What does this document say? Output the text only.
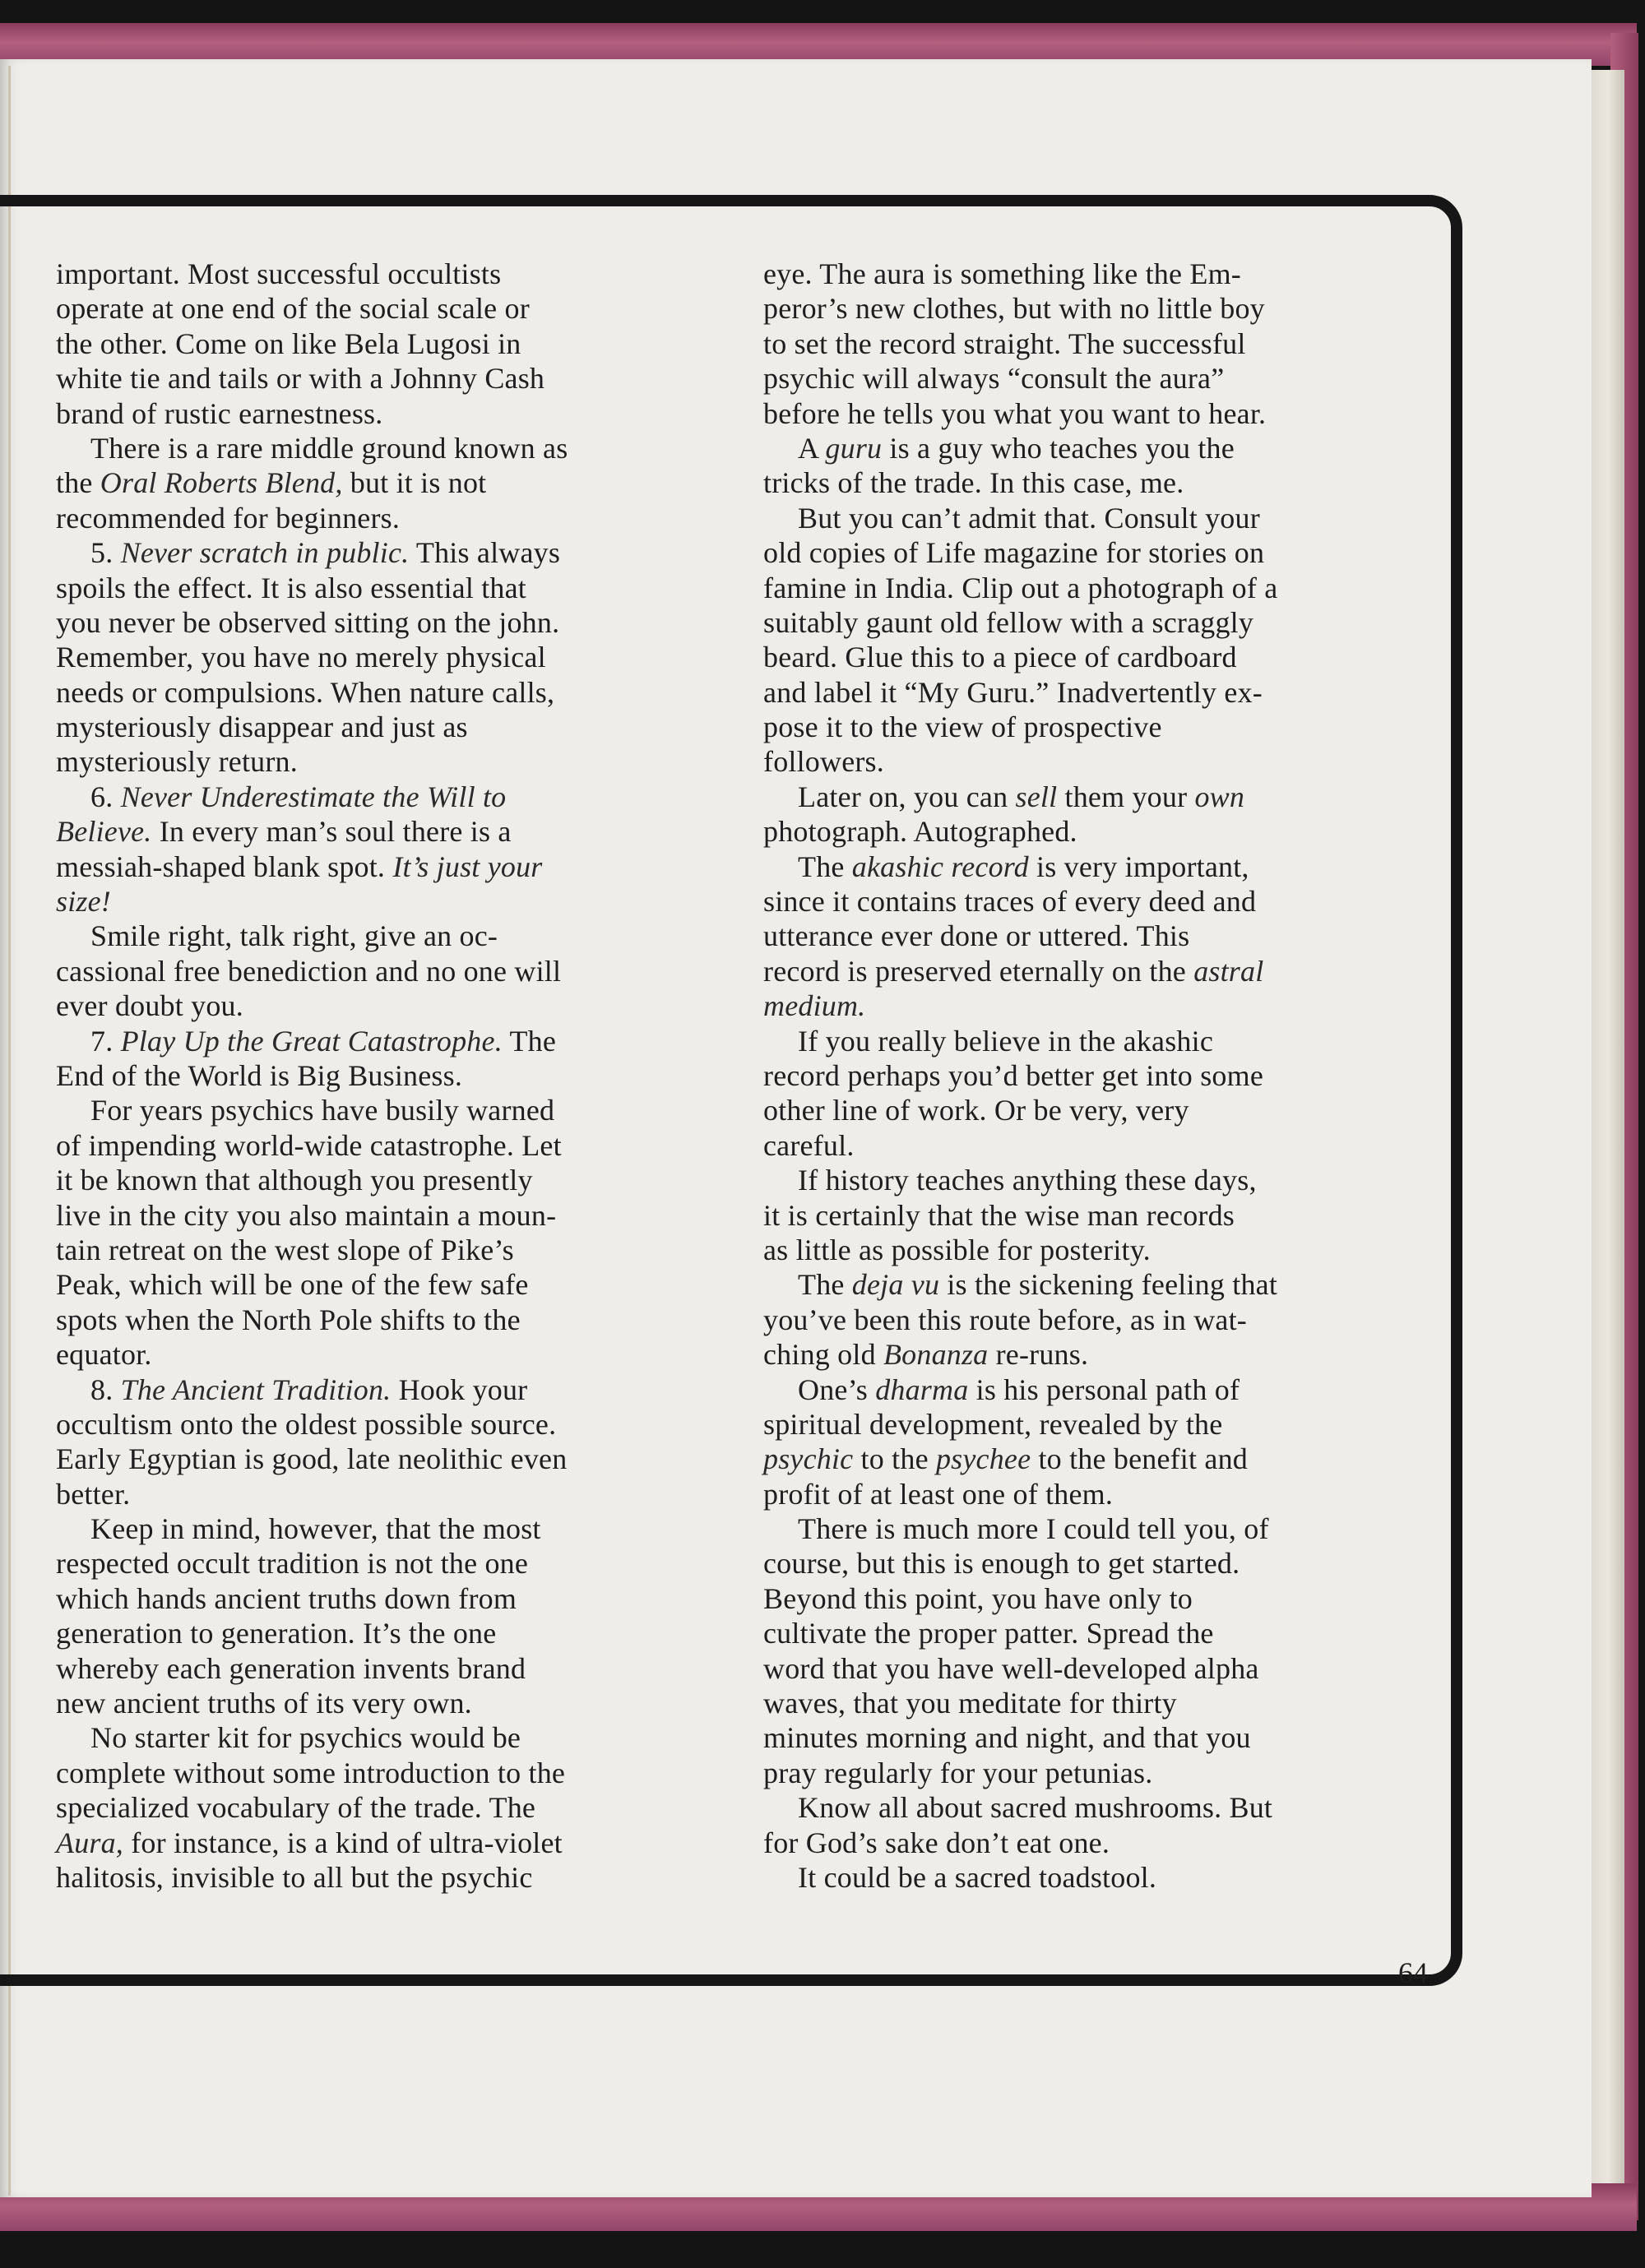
important. Most successful occultists
operate at one end of the social scale or
the other. Come on like Bela Lugosi in
white tie and tails or with a Johnny Cash
brand of rustic earnestness.
There is a rare middle ground known as
the Oral Roberts Blend, but it is not
recommended for beginners.
5. Never scratch in public. This always
spoils the effect. It is also essential that
you never be observed sitting on the john.
Remember, you have no merely physical
needs or compulsions. When nature calls,
mysteriously disappear and just as
mysteriously return.
6. Never Underestimate the Will to
Believe. In every man’s soul there is a
messiah-shaped blank spot. It’s just your
size!
Smile right, talk right, give an oc-
cassional free benediction and no one will
ever doubt you.
7. Play Up the Great Catastrophe. The
End of the World is Big Business.
For years psychics have busily warned
of impending world-wide catastrophe. Let
it be known that although you presently
live in the city you also maintain a moun-
tain retreat on the west slope of Pike’s
Peak, which will be one of the few safe
spots when the North Pole shifts to the
equator.
8. The Ancient Tradition. Hook your
occultism onto the oldest possible source.
Early Egyptian is good, late neolithic even
better.
Keep in mind, however, that the most
respected occult tradition is not the one
which hands ancient truths down from
generation to generation. It’s the one
whereby each generation invents brand
new ancient truths of its very own.
No starter kit for psychics would be
complete without some introduction to the
specialized vocabulary of the trade. The
Aura, for instance, is a kind of ultra-violet
halitosis, invisible to all but the psychic
eye. The aura is something like the Em-
peror’s new clothes, but with no little boy
to set the record straight. The successful
psychic will always “consult the aura”
before he tells you what you want to hear.
A guru is a guy who teaches you the
tricks of the trade. In this case, me.
But you can’t admit that. Consult your
old copies of Life magazine for stories on
famine in India. Clip out a photograph of a
suitably gaunt old fellow with a scraggly
beard. Glue this to a piece of cardboard
and label it “My Guru.” Inadvertently ex-
pose it to the view of prospective
followers.
Later on, you can sell them your own
photograph. Autographed.
The akashic record is very important,
since it contains traces of every deed and
utterance ever done or uttered. This
record is preserved eternally on the astral
medium.
If you really believe in the akashic
record perhaps you’d better get into some
other line of work. Or be very, very
careful.
If history teaches anything these days,
it is certainly that the wise man records
as little as possible for posterity.
The deja vu is the sickening feeling that
you’ve been this route before, as in wat-
ching old Bonanza re-runs.
One’s dharma is his personal path of
spiritual development, revealed by the
psychic to the psychee to the benefit and
profit of at least one of them.
There is much more I could tell you, of
course, but this is enough to get started.
Beyond this point, you have only to
cultivate the proper patter. Spread the
word that you have well-developed alpha
waves, that you meditate for thirty
minutes morning and night, and that you
pray regularly for your petunias.
Know all about sacred mushrooms. But
for God’s sake don’t eat one.
It could be a sacred toadstool.
64
